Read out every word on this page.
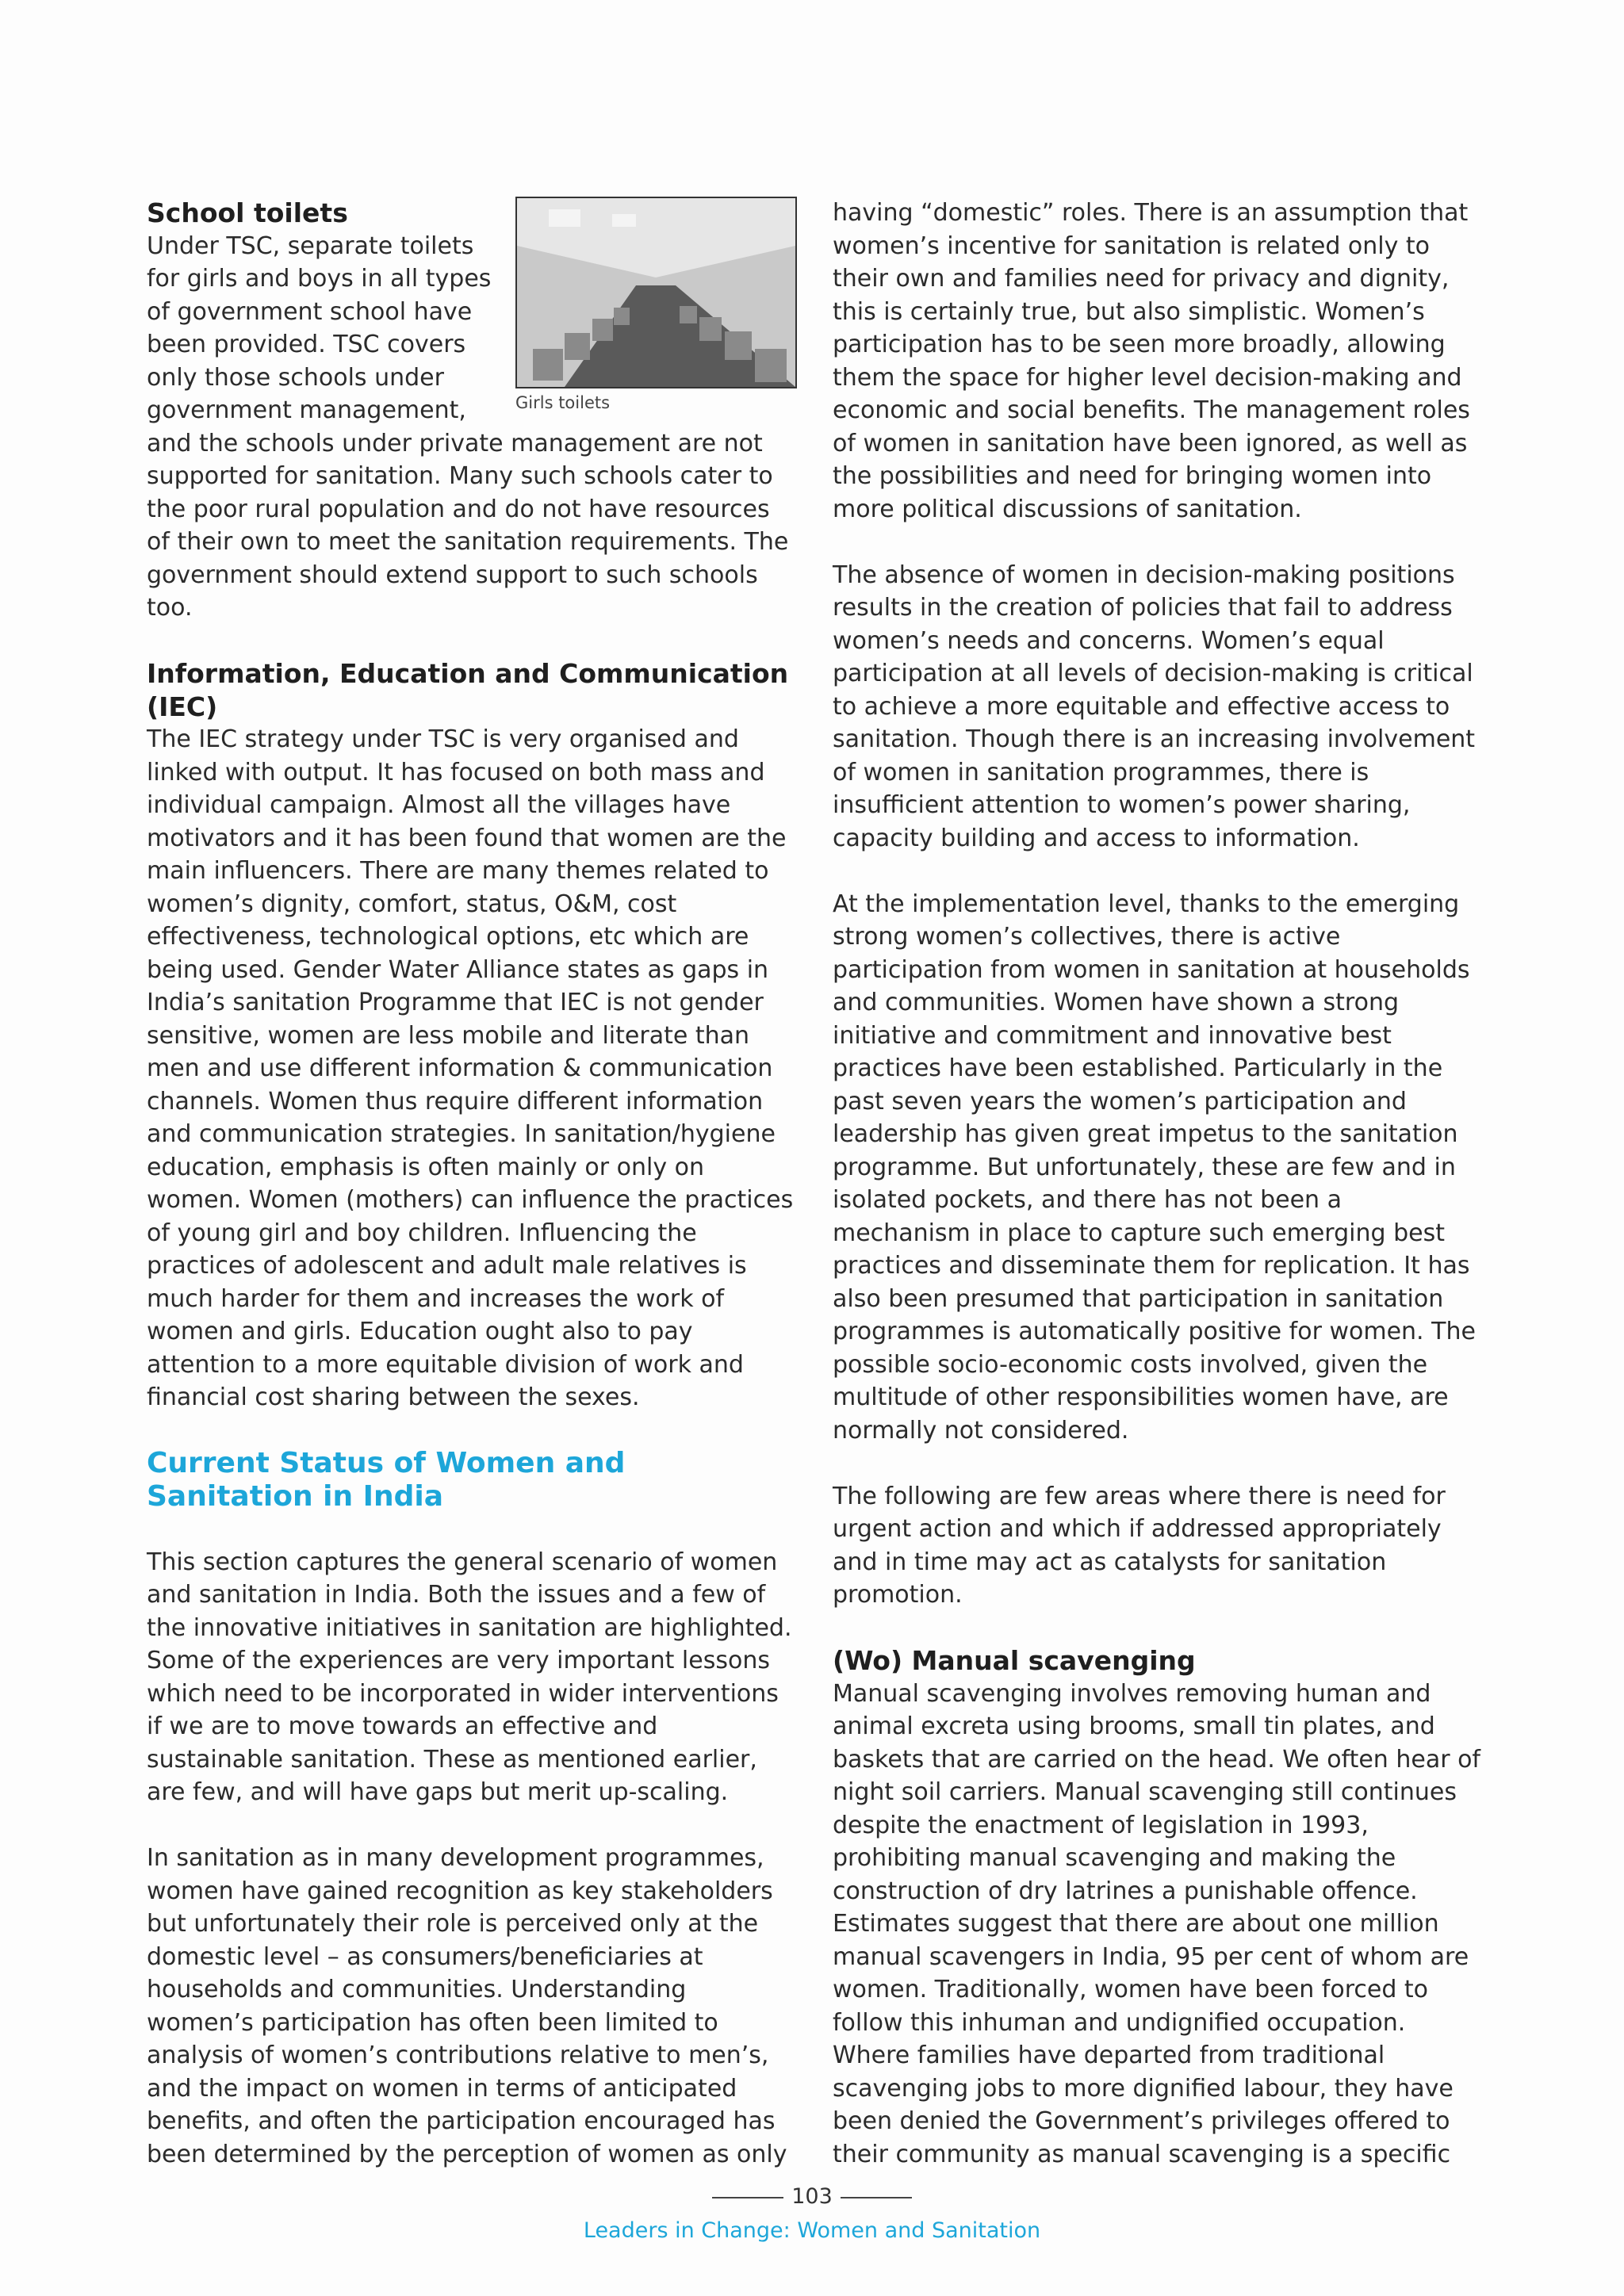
Girls toilets
School toilets

Under TSC, separate toilets for girls and boys in all types of government school have been provided. TSC covers only those schools under government management, and the schools under private management are not supported for sanitation. Many such schools cater to the poor rural population and do not have resources of their own to meet the sanitation requirements. The government should extend support to such schools too.

Information, Education and Communication (IEC)

The IEC strategy under TSC is very organised and linked with output. It has focused on both mass and individual campaign. Almost all the villages have motivators and it has been found that women are the main influencers. There are many themes related to women’s dignity, comfort, status, O&M, cost effectiveness, technological options, etc which are being used. Gender Water Alliance states as gaps in India’s sanitation Programme that IEC is not gender sensitive, women are less mobile and literate than men and use different information & communication channels. Women thus require different information and communication strategies. In sanitation/hygiene education, emphasis is often mainly or only on women. Women (mothers) can influence the practices of young girl and boy children. Influencing the practices of adolescent and adult male relatives is much harder for them and increases the work of women and girls. Education ought also to pay attention to a more equitable division of work and financial cost sharing between the sexes.

Current Status of Women and
Sanitation in India

This section captures the general scenario of women and sanitation in India. Both the issues and a few of the innovative initiatives in sanitation are highlighted. Some of the experiences are very important lessons which need to be incorporated in wider interventions if we are to move towards an effective and sustainable sanitation. These as mentioned earlier, are few, and will have gaps but merit up-scaling.

In sanitation as in many development programmes, women have gained recognition as key stakeholders but unfortunately their role is perceived only at the domestic level – as consumers/beneficiaries at households and communities. Understanding women’s participation has often been limited to analysis of women’s contributions relative to men’s, and the impact on women in terms of anticipated benefits, and often the participation encouraged has been determined by the perception of women as only

having “domestic” roles. There is an assumption that women’s incentive for sanitation is related only to their own and families need for privacy and dignity, this is certainly true, but also simplistic. Women’s participation has to be seen more broadly, allowing them the space for higher level decision-making and economic and social benefits. The management roles of women in sanitation have been ignored, as well as the possibilities and need for bringing women into more political discussions of sanitation.

The absence of women in decision-making positions results in the creation of policies that fail to address women’s needs and concerns. Women’s equal participation at all levels of decision-making is critical to achieve a more equitable and effective access to sanitation. Though there is an increasing involvement of women in sanitation programmes, there is insufficient attention to women’s power sharing, capacity building and access to information.

At the implementation level, thanks to the emerging strong women’s collectives, there is active participation from women in sanitation at households and communities. Women have shown a strong initiative and commitment and innovative best practices have been established. Particularly in the past seven years the women’s participation and leadership has given great impetus to the sanitation programme. But unfortunately, these are few and in isolated pockets, and there has not been a mechanism in place to capture such emerging best practices and disseminate them for replication. It has also been presumed that participation in sanitation programmes is automatically positive for women. The possible socio-economic costs involved, given the multitude of other responsibilities women have, are normally not considered.

The following are few areas where there is need for urgent action and which if addressed appropriately and in time may act as catalysts for sanitation promotion.

(Wo) Manual scavenging

Manual scavenging involves removing human and animal excreta using brooms, small tin plates, and baskets that are carried on the head. We often hear of night soil carriers. Manual scavenging still continues despite the enactment of legislation in 1993, prohibiting manual scavenging and making the construction of dry latrines a punishable offence. Estimates suggest that there are about one million manual scavengers in India, 95 per cent of whom are women. Traditionally, women have been forced to follow this inhuman and undignified occupation. Where families have departed from traditional scavenging jobs to more dignified labour, they have been denied the Government’s privileges offered to their community as manual scavenging is a specific

103
Leaders in Change: Women and Sanitation
